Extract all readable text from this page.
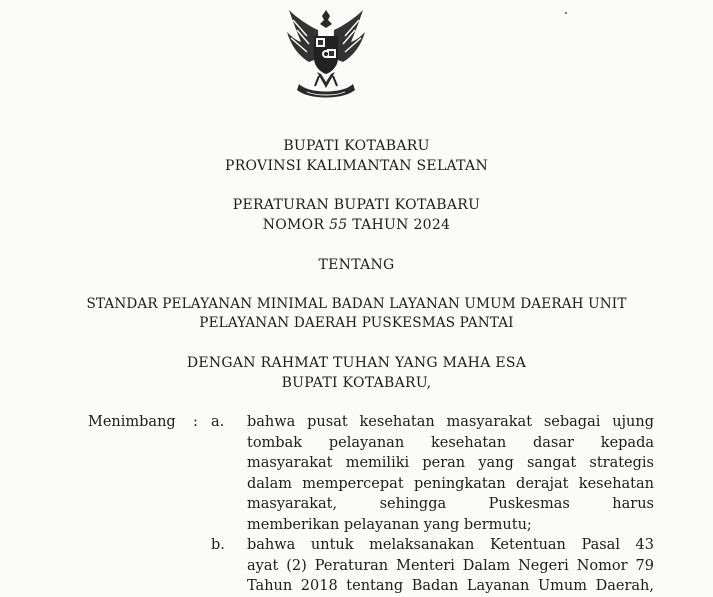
BUPATI KOTABARU
PROVINSI KALIMANTAN SELATAN
PERATURAN BUPATI KOTABARU
NOMOR 55 TAHUN 2024
TENTANG
STANDAR PELAYANAN MINIMAL BADAN LAYANAN UMUM DAERAH UNIT
PELAYANAN DAERAH PUSKESMAS PANTAI
DENGAN RAHMAT TUHAN YANG MAHA ESA
BUPATI KOTABARU,
Menimbang : a. bahwa pusat kesehatan masyarakat sebagai ujung
tombak pelayanan kesehatan dasar kepada
masyarakat memiliki peran yang sangat strategis
dalam mempercepat peningkatan derajat kesehatan
masyarakat, sehingga Puskesmas harus
memberikan pelayanan yang bermutu;
b. bahwa untuk melaksanakan Ketentuan Pasal 43
ayat (2) Peraturan Menteri Dalam Negeri Nomor 79
Tahun 2018 tentang Badan Layanan Umum Daerah,
